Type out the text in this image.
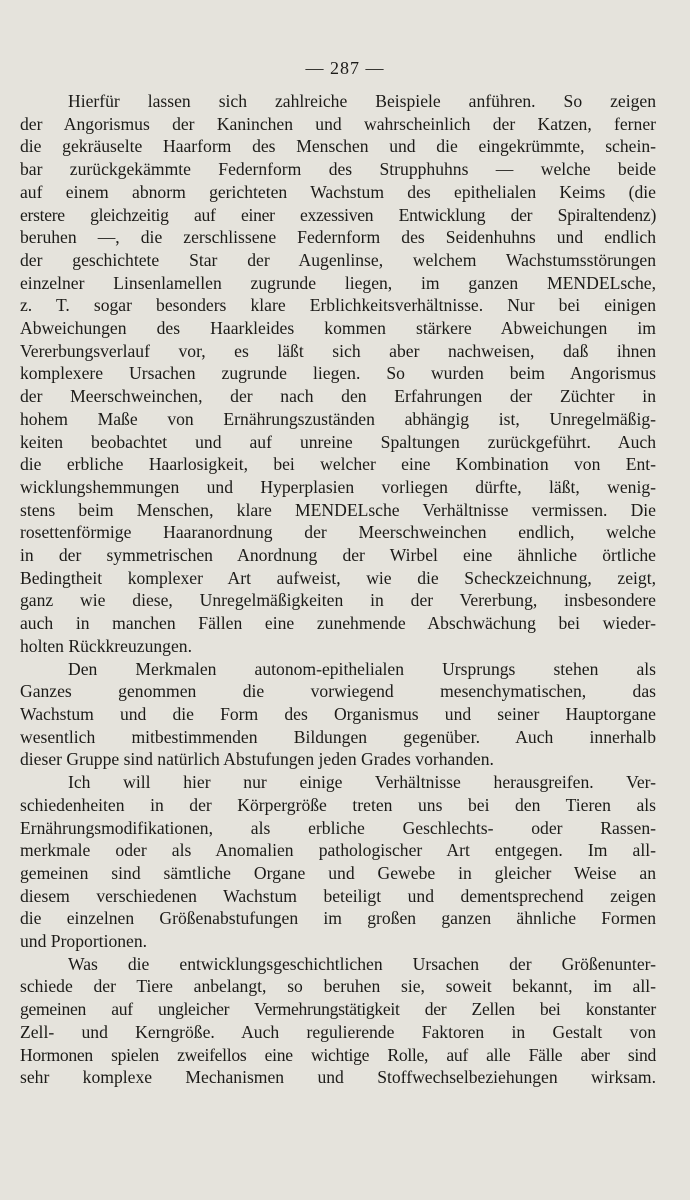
— 287 —

Hierfür lassen sich zahlreiche Beispiele anführen. So zeigen
der Angorismus der Kaninchen und wahrscheinlich der Katzen, ferner
die gekräuselte Haarform des Menschen und die eingekrümmte, schein-
bar zurückgekämmte Federnform des Strupphuhns — welche beide
auf einem abnorm gerichteten Wachstum des epithelialen Keims (die
erstere gleichzeitig auf einer exzessiven Entwicklung der Spiraltendenz)
beruhen —, die zerschlissene Federnform des Seidenhuhns und endlich
der geschichtete Star der Augenlinse, welchem Wachstumsstörungen
einzelner Linsenlamellen zugrunde liegen, im ganzen MENDELsche,
z. T. sogar besonders klare Erblichkeitsverhältnisse. Nur bei einigen
Abweichungen des Haarkleides kommen stärkere Abweichungen im
Vererbungsverlauf vor, es läßt sich aber nachweisen, daß ihnen
komplexere Ursachen zugrunde liegen. So wurden beim Angorismus
der Meerschweinchen, der nach den Erfahrungen der Züchter in
hohem Maße von Ernährungszuständen abhängig ist, Unregelmäßig-
keiten beobachtet und auf unreine Spaltungen zurückgeführt. Auch
die erbliche Haarlosigkeit, bei welcher eine Kombination von Ent-
wicklungshemmungen und Hyperplasien vorliegen dürfte, läßt, wenig-
stens beim Menschen, klare MENDELsche Verhältnisse vermissen. Die
rosettenförmige Haaranordnung der Meerschweinchen endlich, welche
in der symmetrischen Anordnung der Wirbel eine ähnliche örtliche
Bedingtheit komplexer Art aufweist, wie die Scheckzeichnung, zeigt,
ganz wie diese, Unregelmäßigkeiten in der Vererbung, insbesondere
auch in manchen Fällen eine zunehmende Abschwächung bei wieder-
holten Rückkreuzungen.

Den Merkmalen autonom-epithelialen Ursprungs stehen als
Ganzes genommen die vorwiegend mesenchymatischen, das
Wachstum und die Form des Organismus und seiner Hauptorgane
wesentlich mitbestimmenden Bildungen gegenüber. Auch innerhalb
dieser Gruppe sind natürlich Abstufungen jeden Grades vorhanden.

Ich will hier nur einige Verhältnisse herausgreifen. Ver-
schiedenheiten in der Körpergröße treten uns bei den Tieren als
Ernährungsmodifikationen, als erbliche Geschlechts- oder Rassen-
merkmale oder als Anomalien pathologischer Art entgegen. Im all-
gemeinen sind sämtliche Organe und Gewebe in gleicher Weise an
diesem verschiedenen Wachstum beteiligt und dementsprechend zeigen
die einzelnen Größenabstufungen im großen ganzen ähnliche Formen
und Proportionen.

Was die entwicklungsgeschichtlichen Ursachen der Größenunter-
schiede der Tiere anbelangt, so beruhen sie, soweit bekannt, im all-
gemeinen auf ungleicher Vermehrungstätigkeit der Zellen bei konstanter
Zell- und Kerngröße. Auch regulierende Faktoren in Gestalt von
Hormonen spielen zweifellos eine wichtige Rolle, auf alle Fälle aber sind
sehr komplexe Mechanismen und Stoffwechselbeziehungen wirksam.
